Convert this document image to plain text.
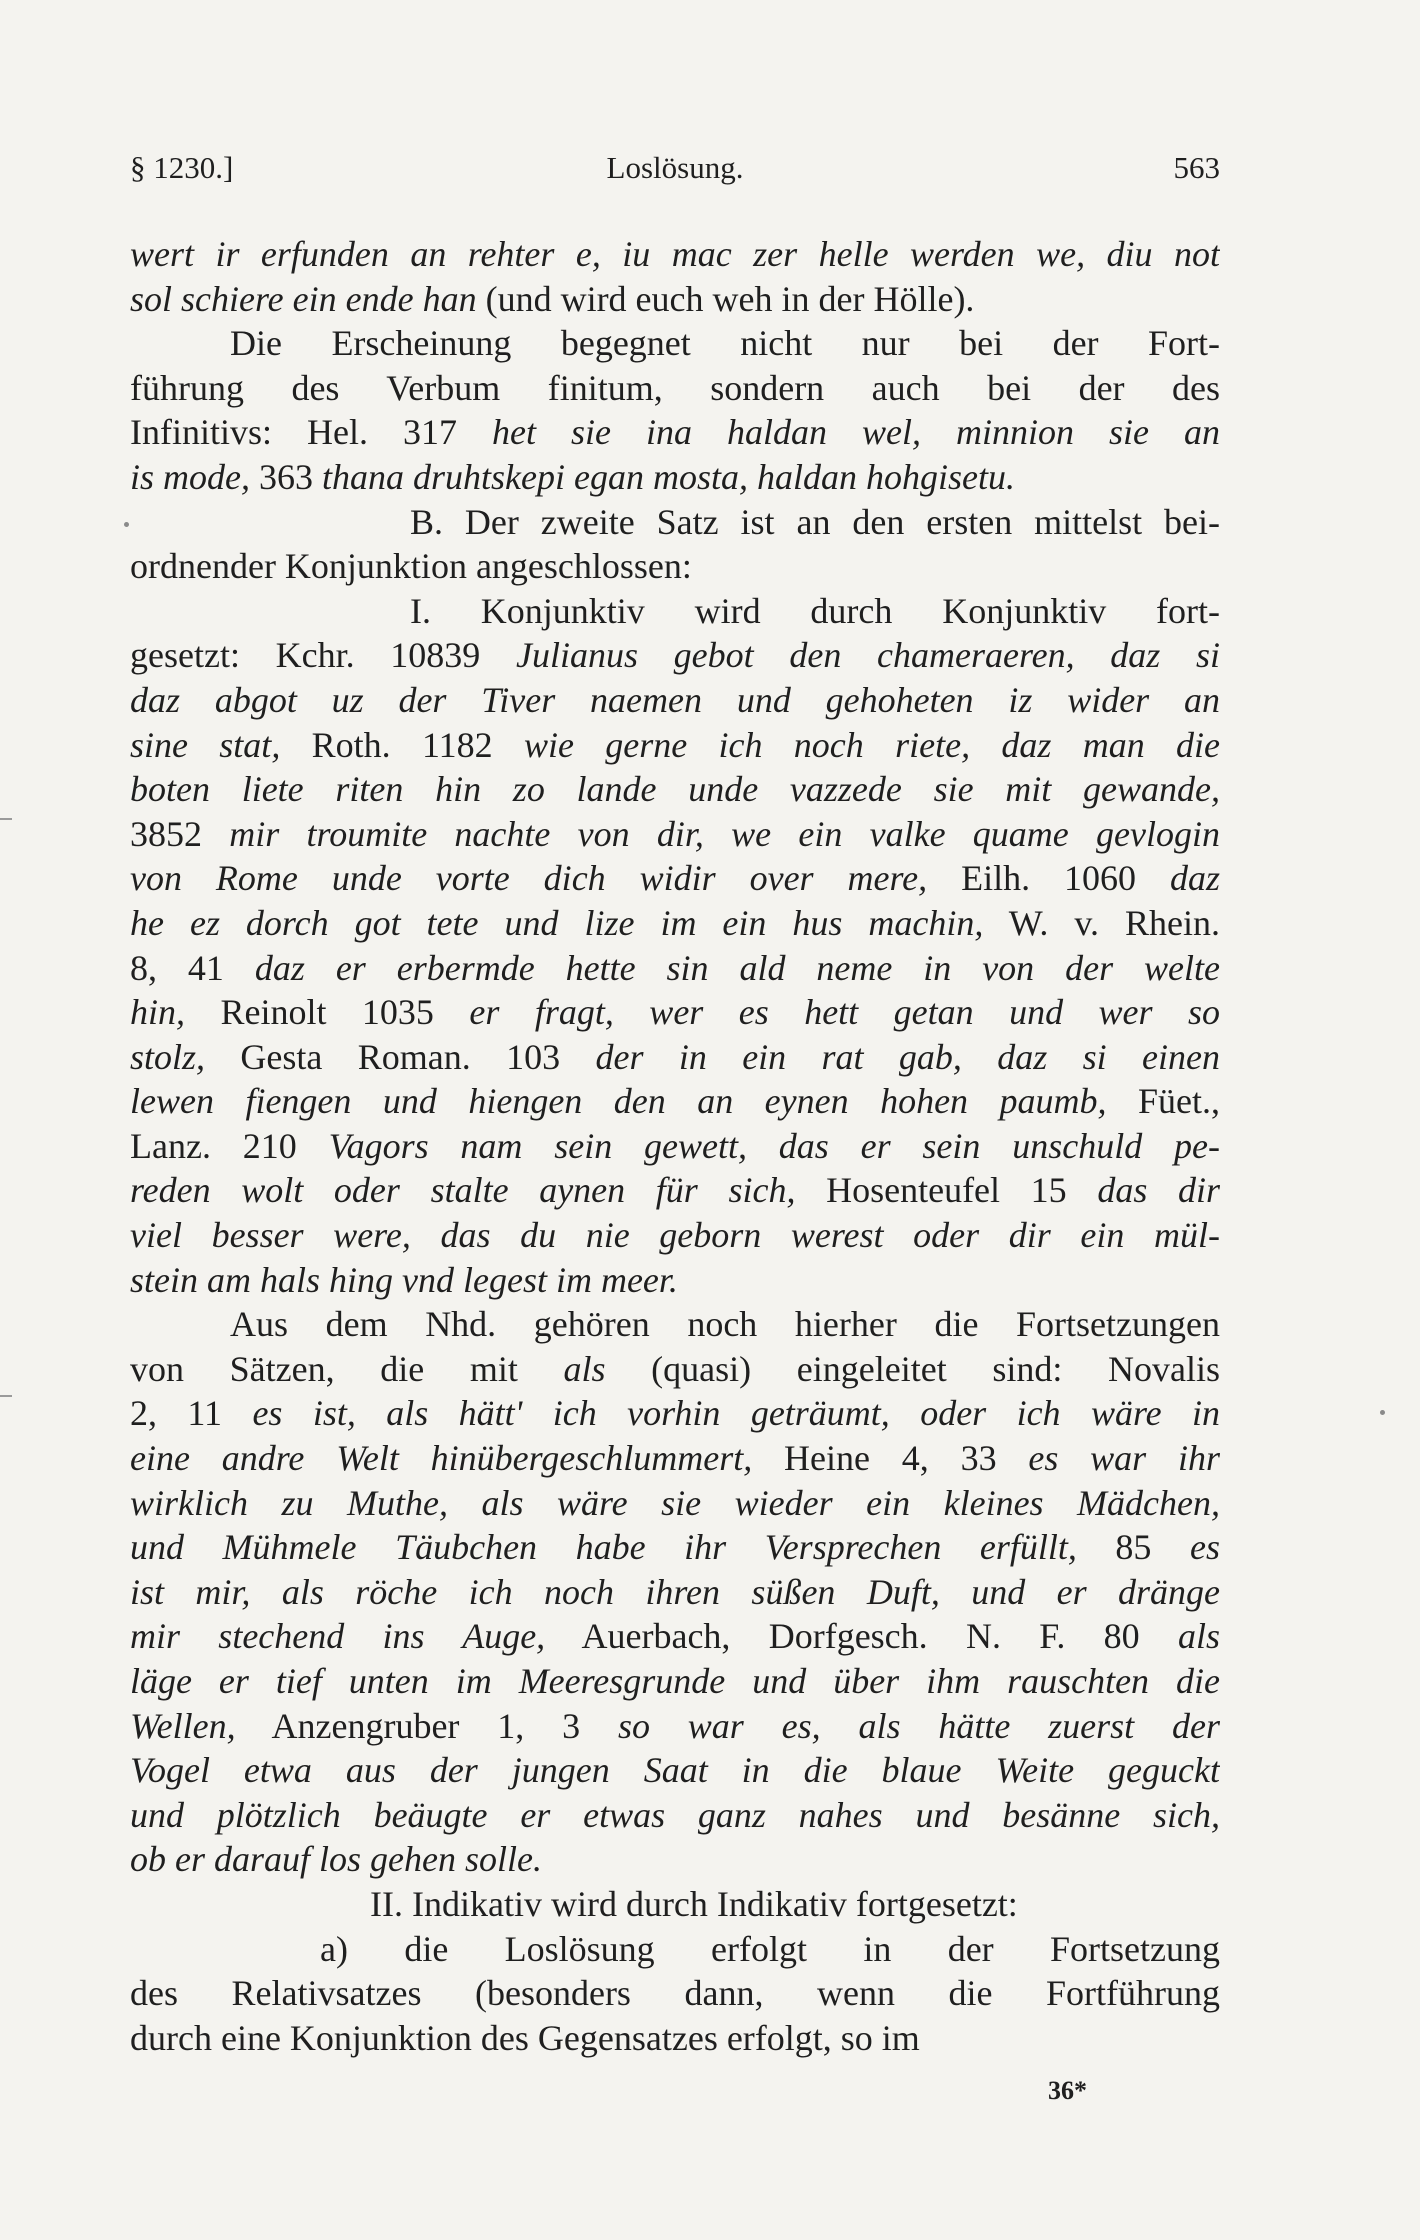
§ 1230.]	Loslösung.	563
wert ir erfunden an rehter e, iu mac zer helle werden we, diu not
sol schiere ein ende han (und wird euch weh in der Hölle).
Die Erscheinung begegnet nicht nur bei der Fort-
führung des Verbum finitum, sondern auch bei der des
Infinitivs: Hel. 317 het sie ina haldan wel, minnion sie an
is mode, 363 thana druhtskepi egan mosta, haldan hohgisetu.
B. Der zweite Satz ist an den ersten mittelst bei-
ordnender Konjunktion angeschlossen:
I. Konjunktiv wird durch Konjunktiv fort-
gesetzt: Kchr. 10839 Julianus gebot den chameraeren, daz si
daz abgot uz der Tiver naemen und gehoheten iz wider an
sine stat, Roth. 1182 wie gerne ich noch riete, daz man die
boten liete riten hin zo lande unde vazzede sie mit gewande,
3852 mir troumite nachte von dir, we ein valke quame gevlogin
von Rome unde vorte dich widir over mere, Eilh. 1060 daz
he ez dorch got tete und lize im ein hus machin, W. v. Rhein.
8, 41 daz er erbermde hette sin ald neme in von der welte
hin, Reinolt 1035 er fragt, wer es hett getan und wer so
stolz, Gesta Roman. 103 der in ein rat gab, daz si einen
lewen fiengen und hiengen den an eynen hohen paumb, Füet.,
Lanz. 210 Vagors nam sein gewett, das er sein unschuld pe-
reden wolt oder stalte aynen für sich, Hosenteufel 15 das dir
viel besser were, das du nie geborn werest oder dir ein mül-
stein am hals hing vnd legest im meer.
Aus dem Nhd. gehören noch hierher die Fortsetzungen
von Sätzen, die mit als (quasi) eingeleitet sind: Novalis
2, 11 es ist, als hätt' ich vorhin geträumt, oder ich wäre in
eine andre Welt hinübergeschlummert, Heine 4, 33 es war ihr
wirklich zu Muthe, als wäre sie wieder ein kleines Mädchen,
und Mühmele Täubchen habe ihr Versprechen erfüllt, 85 es
ist mir, als röche ich noch ihren süßen Duft, und er dränge
mir stechend ins Auge, Auerbach, Dorfgesch. N. F. 80 als
läge er tief unten im Meeresgrunde und über ihm rauschten die
Wellen, Anzengruber 1, 3 so war es, als hätte zuerst der
Vogel etwa aus der jungen Saat in die blaue Weite geguckt
und plötzlich beäugte er etwas ganz nahes und besänne sich,
ob er darauf los gehen solle.
II. Indikativ wird durch Indikativ fortgesetzt:
a) die Loslösung erfolgt in der Fortsetzung
des Relativsatzes (besonders dann, wenn die Fortführung
durch eine Konjunktion des Gegensatzes erfolgt, so im
36*
